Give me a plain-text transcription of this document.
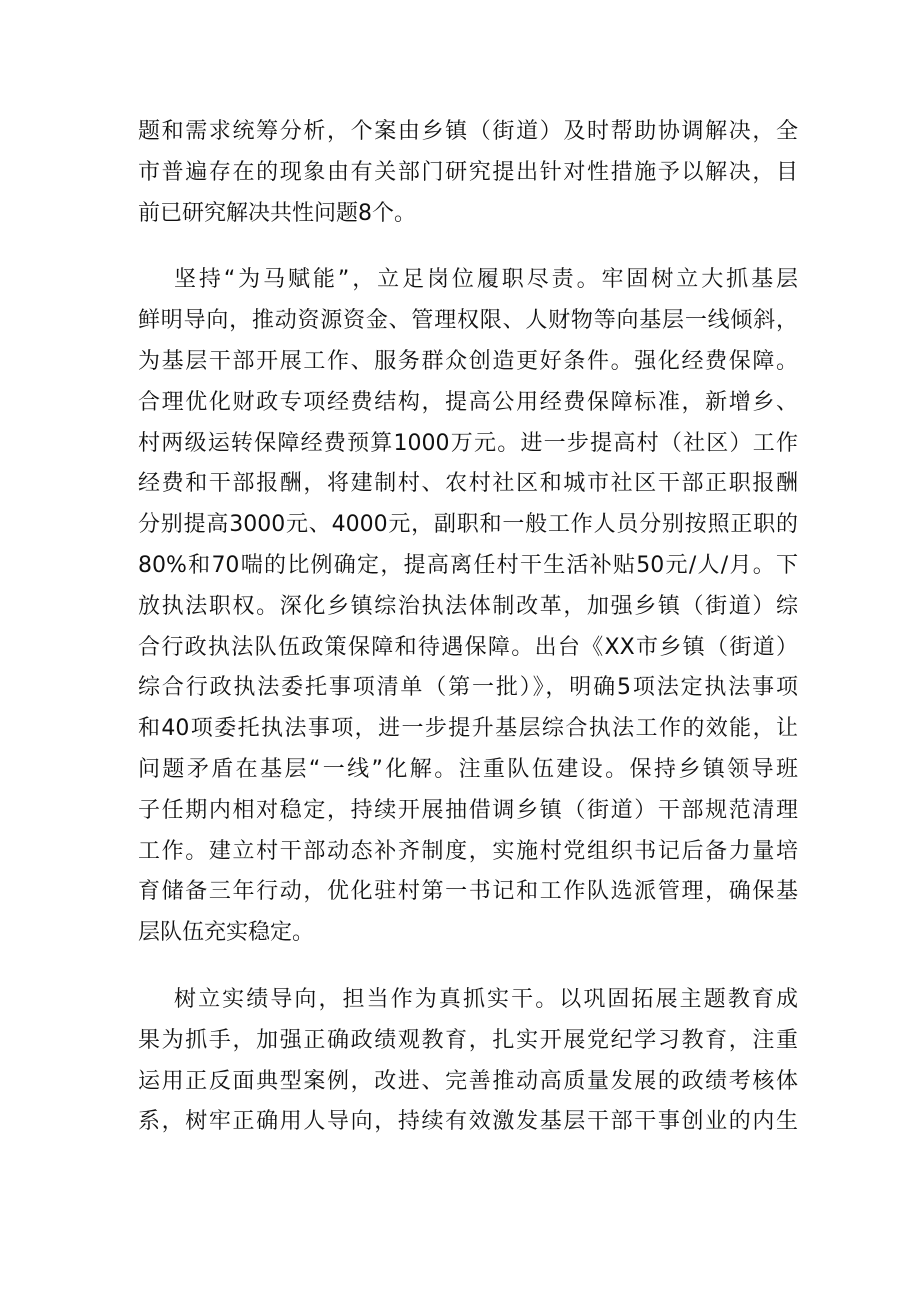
题和需求统筹分析，个案由乡镇（街道）及时帮助协调解决，全
市普遍存在的现象由有关部门研究提出针对性措施予以解决，目
前已研究解决共性问题8个。
坚持“为马赋能”，立足岗位履职尽责。牢固树立大抓基层
鲜明导向，推动资源资金、管理权限、人财物等向基层一线倾斜，
为基层干部开展工作、服务群众创造更好条件。强化经费保障。
合理优化财政专项经费结构，提高公用经费保障标准，新增乡、
村两级运转保障经费预算1000万元。进一步提高村（社区）工作
经费和干部报酬，将建制村、农村社区和城市社区干部正职报酬
分别提高3000元、4000元，副职和一般工作人员分别按照正职的
80%和70喘的比例确定，提高离任村干生活补贴50元/人/月。下
放执法职权。深化乡镇综治执法体制改革，加强乡镇（街道）综
合行政执法队伍政策保障和待遇保障。出台《XX市乡镇（街道）
综合行政执法委托事项清单（第一批）》，明确5项法定执法事项
和40项委托执法事项，进一步提升基层综合执法工作的效能，让
问题矛盾在基层“一线”化解。注重队伍建设。保持乡镇领导班
子任期内相对稳定，持续开展抽借调乡镇（街道）干部规范清理
工作。建立村干部动态补齐制度，实施村党组织书记后备力量培
育储备三年行动，优化驻村第一书记和工作队选派管理，确保基
层队伍充实稳定。
树立实绩导向，担当作为真抓实干。以巩固拓展主题教育成
果为抓手，加强正确政绩观教育，扎实开展党纪学习教育，注重
运用正反面典型案例，改进、完善推动高质量发展的政绩考核体
系，树牢正确用人导向，持续有效激发基层干部干事创业的内生
